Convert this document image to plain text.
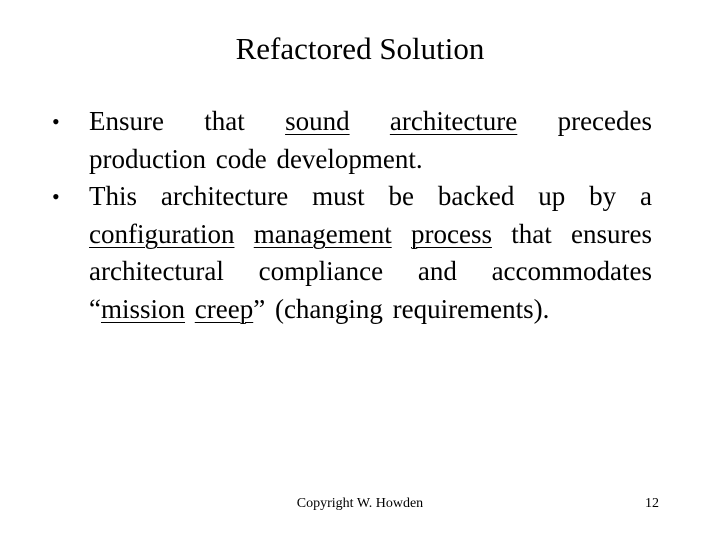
Refactored Solution
•	Ensure that sound architecture precedes production code development.
•	This architecture must be backed up by a configuration management process that ensures architectural compliance and accommodates “mission creep” (changing requirements).
Copyright W. Howden	12
